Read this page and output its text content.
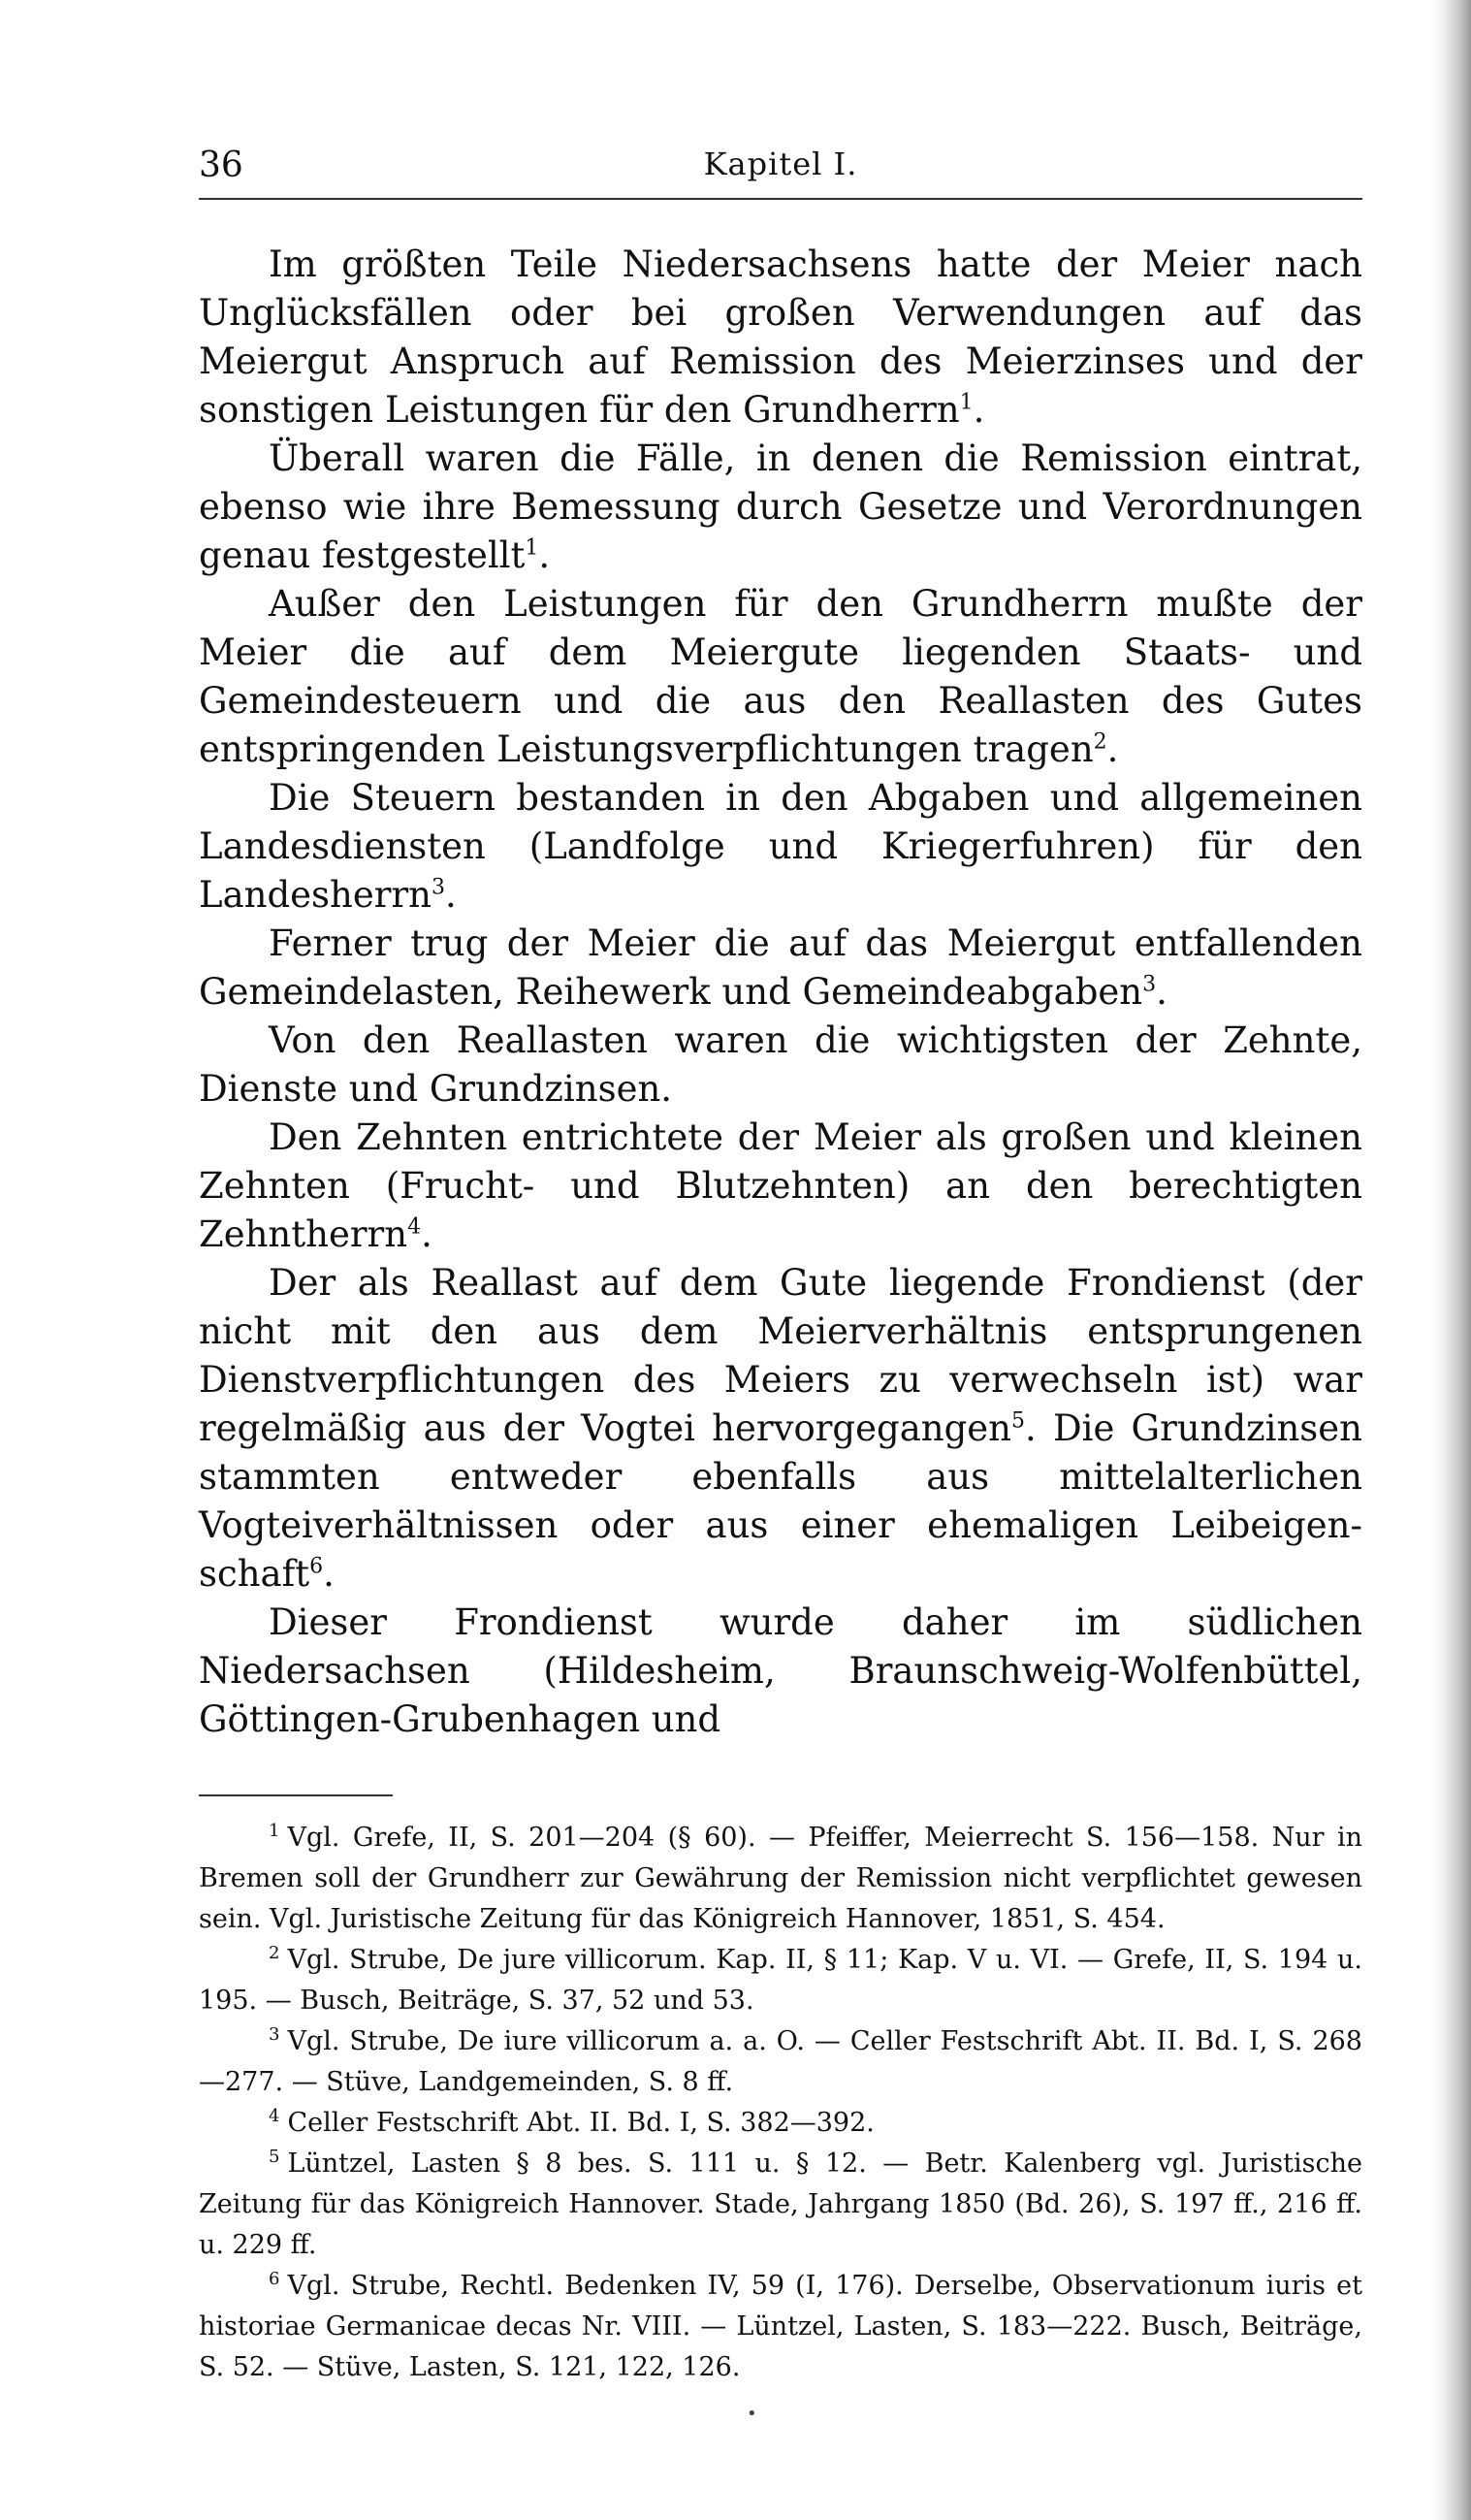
36	Kapitel I.

Im größten Teile Niedersachsens hatte der Meier nach Unglücksfällen oder bei großen Verwendungen auf das Meiergut Anspruch auf Remission des Meierzinses und der sonstigen Leistungen für den Grundherrn$^1$.

Überall waren die Fälle, in denen die Remission eintrat, ebenso wie ihre Bemessung durch Gesetze und Verordnungen genau festgestellt$^1$.

Außer den Leistungen für den Grundherrn mußte der Meier die auf dem Meiergute liegenden Staats- und Gemeindesteuern und die aus den Reallasten des Gutes entspringenden Leistungsverpflichtungen tragen$^2$.

Die Steuern bestanden in den Abgaben und allgemeinen Landesdiensten (Landfolge und Kriegerfuhren) für den Landesherrn$^3$.

Ferner trug der Meier die auf das Meiergut entfallenden Gemeindelasten, Reihewerk und Gemeindeabgaben$^3$.

Von den Reallasten waren die wichtigsten der Zehnte, Dienste und Grundzinsen.

Den Zehnten entrichtete der Meier als großen und kleinen Zehnten (Frucht- und Blutzehnten) an den berechtigten Zehntherrn$^4$.

Der als Reallast auf dem Gute liegende Frondienst (der nicht mit den aus dem Meierverhältnis entsprungenen Dienstverpflichtungen des Meiers zu verwechseln ist) war regelmäßig aus der Vogtei hervorgegangen$^5$. Die Grundzinsen stammten entweder ebenfalls aus mittelalterlichen Vogteiverhältnissen oder aus einer ehemaligen Leibeigenschaft$^6$.

Dieser Frondienst wurde daher im südlichen Niedersachsen (Hildesheim, Braunschweig-Wolfenbüttel, Göttingen-Grubenhagen und

$^1$ Vgl. Grefe, II, S. 201—204 (§ 60). — Pfeiffer, Meierrecht S. 156—158. Nur in Bremen soll der Grundherr zur Gewährung der Remission nicht verpflichtet gewesen sein. Vgl. Juristische Zeitung für das Königreich Hannover, 1851, S. 454.

$^2$ Vgl. Strube, De jure villicorum. Kap. II, § 11; Kap. V u. VI. — Grefe, II, S. 194 u. 195. — Busch, Beiträge, S. 37, 52 und 53.

$^3$ Vgl. Strube, De iure villicorum a. a. O. — Celler Festschrift Abt. II. Bd. I, S. 268—277. — Stüve, Landgemeinden, S. 8 ff.

$^4$ Celler Festschrift Abt. II. Bd. I, S. 382—392.

$^5$ Lüntzel, Lasten § 8 bes. S. 111 u. § 12. — Betr. Kalenberg vgl. Juristische Zeitung für das Königreich Hannover. Stade, Jahrgang 1850 (Bd. 26), S. 197 ff., 216 ff. u. 229 ff.

$^6$ Vgl. Strube, Rechtl. Bedenken IV, 59 (I, 176). Derselbe, Observationum iuris et historiae Germanicae decas Nr. VIII. — Lüntzel, Lasten, S. 183—222. Busch, Beiträge, S. 52. — Stüve, Lasten, S. 121, 122, 126.

•
